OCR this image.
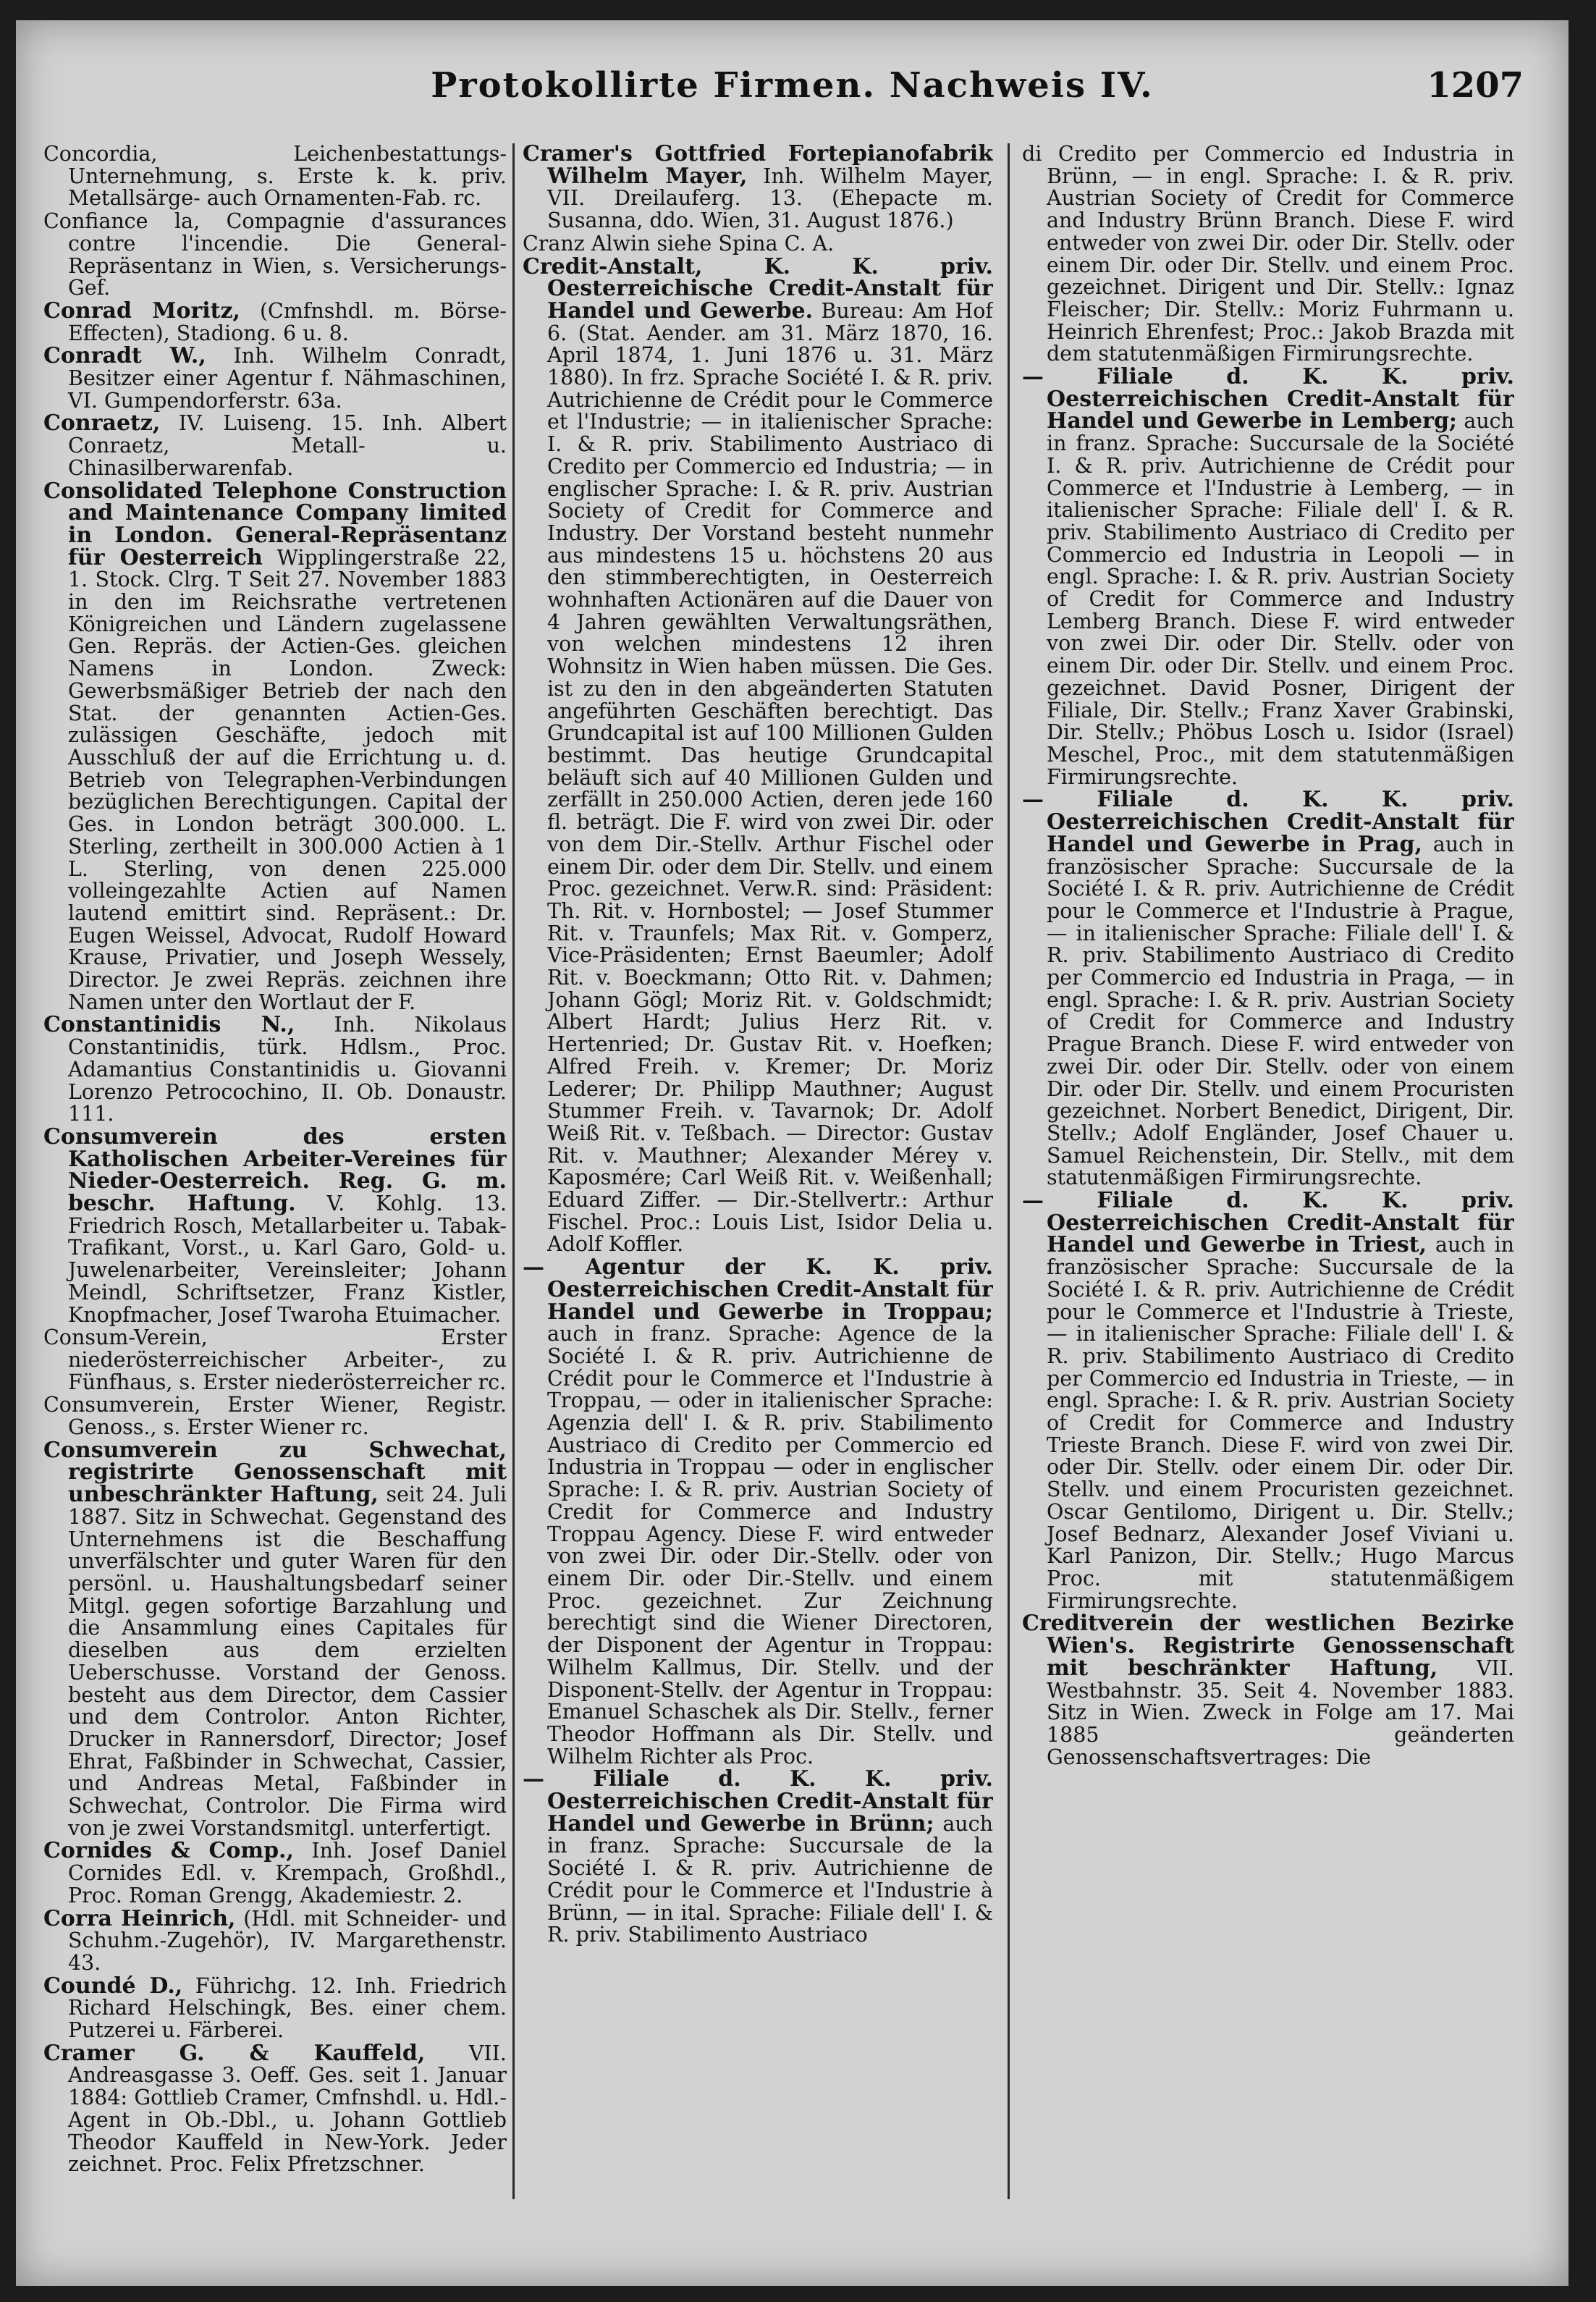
Protokollirte Firmen. Nachweis IV.	1207

Concordia, Leichenbestattungs-Unternehmung, s. Erste k. k. priv. Metallsärge- auch Ornamenten-Fab. rc.

Confiance la, Compagnie d'assurances contre l'incendie. Die General-Repräsentanz in Wien, s. Versicherungs-Gef.

Conrad Moritz, (Cmfnshdl. m. Börse-Effecten), Stadiong. 6 u. 8.

Conradt W., Inh. Wilhelm Conradt, Besitzer einer Agentur f. Nähmaschinen, VI. Gumpendorferstr. 63a.

Conraetz, IV. Luiseng. 15. Inh. Albert Conraetz, Metall- u. Chinasilberwarenfab.

Consolidated Telephone Construction and Maintenance Company limited in London. General-Repräsentanz für Oesterreich Wipplingerstraße 22, 1. Stock. Clrg. T Seit 27. November 1883 in den im Reichsrathe vertretenen Königreichen und Ländern zugelassene Gen. Repräs. der Actien-Ges. gleichen Namens in London. Zweck: Gewerbsmäßiger Betrieb der nach den Stat. der genannten Actien-Ges. zulässigen Geschäfte, jedoch mit Ausschluß der auf die Errichtung u. d. Betrieb von Telegraphen-Verbindungen bezüglichen Berechtigungen. Capital der Ges. in London beträgt 300.000. L. Sterling, zertheilt in 300.000 Actien à 1 L. Sterling, von denen 225.000 volleingezahlte Actien auf Namen lautend emittirt sind. Repräsent.: Dr. Eugen Weissel, Advocat, Rudolf Howard Krause, Privatier, und Joseph Wessely, Director. Je zwei Repräs. zeichnen ihre Namen unter den Wortlaut der F.

Constantinidis N., Inh. Nikolaus Constantinidis, türk. Hdlsm., Proc. Adamantius Constantinidis u. Giovanni Lorenzo Petrocochino, II. Ob. Donaustr. 111.

Consumverein des ersten Katholischen Arbeiter-Vereines für Nieder-Oesterreich. Reg. G. m. beschr. Haftung. V. Kohlg. 13. Friedrich Rosch, Metallarbeiter u. Tabak-Trafikant, Vorst., u. Karl Garo, Gold- u. Juwelenarbeiter, Vereinsleiter; Johann Meindl, Schriftsetzer, Franz Kistler, Knopfmacher, Josef Twaroha Etuimacher.

Consum-Verein, Erster niederösterreichischer Arbeiter-, zu Fünfhaus, s. Erster niederösterreicher rc.

Consumverein, Erster Wiener, Registr. Genoss., s. Erster Wiener rc.

Consumverein zu Schwechat, registrirte Genossenschaft mit unbeschränkter Haftung, seit 24. Juli 1887. Sitz in Schwechat. Gegenstand des Unternehmens ist die Beschaffung unverfälschter und guter Waren für den persönl. u. Haushaltungsbedarf seiner Mitgl. gegen sofortige Barzahlung und die Ansammlung eines Capitales für dieselben aus dem erzielten Ueberschusse. Vorstand der Genoss. besteht aus dem Director, dem Cassier und dem Controlor. Anton Richter, Drucker in Rannersdorf, Director; Josef Ehrat, Faßbinder in Schwechat, Cassier, und Andreas Metal, Faßbinder in Schwechat, Controlor. Die Firma wird von je zwei Vorstandsmitgl. unterfertigt.

Cornides & Comp., Inh. Josef Daniel Cornides Edl. v. Krempach, Großhdl., Proc. Roman Grengg, Akademiestr. 2.

Corra Heinrich, (Hdl. mit Schneider- und Schuhm.-Zugehör), IV. Margarethenstr. 43.

Coundé D., Führichg. 12. Inh. Friedrich Richard Helschingk, Bes. einer chem. Putzerei u. Färberei.

Cramer G. & Kauffeld, VII. Andreasgasse 3. Oeff. Ges. seit 1. Januar 1884: Gottlieb Cramer, Cmfnshdl. u. Hdl.-Agent in Ob.-Dbl., u. Johann Gottlieb Theodor Kauffeld in New-York. Jeder zeichnet. Proc. Felix Pfretzschner.

Cramer's Gottfried Fortepianofabrik Wilhelm Mayer, Inh. Wilhelm Mayer, VII. Dreilauferg. 13. (Ehepacte m. Susanna, ddo. Wien, 31. August 1876.)

Cranz Alwin siehe Spina C. A.

Credit-Anstalt, K. K. priv. Oesterreichische Credit-Anstalt für Handel und Gewerbe. Bureau: Am Hof 6. (Stat. Aender. am 31. März 1870, 16. April 1874, 1. Juni 1876 u. 31. März 1880). In frz. Sprache Société I. & R. priv. Autrichienne de Crédit pour le Commerce et l'Industrie; — in italienischer Sprache: I. & R. priv. Stabilimento Austriaco di Credito per Commercio ed Industria; — in englischer Sprache: I. & R. priv. Austrian Society of Credit for Commerce and Industry. Der Vorstand besteht nunmehr aus mindestens 15 u. höchstens 20 aus den stimmberechtigten, in Oesterreich wohnhaften Actionären auf die Dauer von 4 Jahren gewählten Verwaltungsräthen, von welchen mindestens 12 ihren Wohnsitz in Wien haben müssen. Die Ges. ist zu den in den abgeänderten Statuten angeführten Geschäften berechtigt. Das Grundcapital ist auf 100 Millionen Gulden bestimmt. Das heutige Grundcapital beläuft sich auf 40 Millionen Gulden und zerfällt in 250.000 Actien, deren jede 160 fl. beträgt. Die F. wird von zwei Dir. oder von dem Dir.-Stellv. Arthur Fischel oder einem Dir. oder dem Dir. Stellv. und einem Proc. gezeichnet. Verw.R. sind: Präsident: Th. Rit. v. Hornbostel; — Josef Stummer Rit. v. Traunfels; Max Rit. v. Gomperz, Vice-Präsidenten; Ernst Baeumler; Adolf Rit. v. Boeckmann; Otto Rit. v. Dahmen; Johann Gögl; Moriz Rit. v. Goldschmidt; Albert Hardt; Julius Herz Rit. v. Hertenried; Dr. Gustav Rit. v. Hoefken; Alfred Freih. v. Kremer; Dr. Moriz Lederer; Dr. Philipp Mauthner; August Stummer Freih. v. Tavarnok; Dr. Adolf Weiß Rit. v. Teßbach. — Director: Gustav Rit. v. Mauthner; Alexander Mérey v. Kaposmére; Carl Weiß Rit. v. Weißenhall; Eduard Ziffer. — Dir.-Stellvertr.: Arthur Fischel. Proc.: Louis List, Isidor Delia u. Adolf Koffler.

— Agentur der K. K. priv. Oesterreichischen Credit-Anstalt für Handel und Gewerbe in Troppau; auch in franz. Sprache: Agence de la Société I. & R. priv. Autrichienne de Crédit pour le Commerce et l'Industrie à Troppau, — oder in italienischer Sprache: Agenzia dell' I. & R. priv. Stabilimento Austriaco di Credito per Commercio ed Industria in Troppau — oder in englischer Sprache: I. & R. priv. Austrian Society of Credit for Commerce and Industry Troppau Agency. Diese F. wird entweder von zwei Dir. oder Dir.-Stellv. oder von einem Dir. oder Dir.-Stellv. und einem Proc. gezeichnet. Zur Zeichnung berechtigt sind die Wiener Directoren, der Disponent der Agentur in Troppau: Wilhelm Kallmus, Dir. Stellv. und der Disponent-Stellv. der Agentur in Troppau: Emanuel Schaschek als Dir. Stellv., ferner Theodor Hoffmann als Dir. Stellv. und Wilhelm Richter als Proc.

— Filiale d. K. K. priv. Oesterreichischen Credit-Anstalt für Handel und Gewerbe in Brünn; auch in franz. Sprache: Succursale de la Société I. & R. priv. Autrichienne de Crédit pour le Commerce et l'Industrie à Brünn, — in ital. Sprache: Filiale dell' I. & R. priv. Stabilimento Austriaco

di Credito per Commercio ed Industria in Brünn, — in engl. Sprache: I. & R. priv. Austrian Society of Credit for Commerce and Industry Brünn Branch. Diese F. wird entweder von zwei Dir. oder Dir. Stellv. oder einem Dir. oder Dir. Stellv. und einem Proc. gezeichnet. Dirigent und Dir. Stellv.: Ignaz Fleischer; Dir. Stellv.: Moriz Fuhrmann u. Heinrich Ehrenfest; Proc.: Jakob Brazda mit dem statutenmäßigen Firmirungsrechte.

— Filiale d. K. K. priv. Oesterreichischen Credit-Anstalt für Handel und Gewerbe in Lemberg; auch in franz. Sprache: Succursale de la Société I. & R. priv. Autrichienne de Crédit pour Commerce et l'Industrie à Lemberg, — in italienischer Sprache: Filiale dell' I. & R. priv. Stabilimento Austriaco di Credito per Commercio ed Industria in Leopoli — in engl. Sprache: I. & R. priv. Austrian Society of Credit for Commerce and Industry Lemberg Branch. Diese F. wird entweder von zwei Dir. oder Dir. Stellv. oder von einem Dir. oder Dir. Stellv. und einem Proc. gezeichnet. David Posner, Dirigent der Filiale, Dir. Stellv.; Franz Xaver Grabinski, Dir. Stellv.; Phöbus Losch u. Isidor (Israel) Meschel, Proc., mit dem statutenmäßigen Firmirungsrechte.

— Filiale d. K. K. priv. Oesterreichischen Credit-Anstalt für Handel und Gewerbe in Prag, auch in französischer Sprache: Succursale de la Société I. & R. priv. Autrichienne de Crédit pour le Commerce et l'Industrie à Prague, — in italienischer Sprache: Filiale dell' I. & R. priv. Stabilimento Austriaco di Credito per Commercio ed Industria in Praga, — in engl. Sprache: I. & R. priv. Austrian Society of Credit for Commerce and Industry Prague Branch. Diese F. wird entweder von zwei Dir. oder Dir. Stellv. oder von einem Dir. oder Dir. Stellv. und einem Procuristen gezeichnet. Norbert Benedict, Dirigent, Dir. Stellv.; Adolf Engländer, Josef Chauer u. Samuel Reichenstein, Dir. Stellv., mit dem statutenmäßigen Firmirungsrechte.

— Filiale d. K. K. priv. Oesterreichischen Credit-Anstalt für Handel und Gewerbe in Triest, auch in französischer Sprache: Succursale de la Société I. & R. priv. Autrichienne de Crédit pour le Commerce et l'Industrie à Trieste, — in italienischer Sprache: Filiale dell' I. & R. priv. Stabilimento Austriaco di Credito per Commercio ed Industria in Trieste, — in engl. Sprache: I. & R. priv. Austrian Society of Credit for Commerce and Industry Trieste Branch. Diese F. wird von zwei Dir. oder Dir. Stellv. oder einem Dir. oder Dir. Stellv. und einem Procuristen gezeichnet. Oscar Gentilomo, Dirigent u. Dir. Stellv.; Josef Bednarz, Alexander Josef Viviani u. Karl Panizon, Dir. Stellv.; Hugo Marcus Proc. mit statutenmäßigem Firmirungsrechte.

Creditverein der westlichen Bezirke Wien's. Registrirte Genossenschaft mit beschränkter Haftung, VII. Westbahnstr. 35. Seit 4. November 1883. Sitz in Wien. Zweck in Folge am 17. Mai 1885 geänderten Genossenschaftsvertrages: Die
